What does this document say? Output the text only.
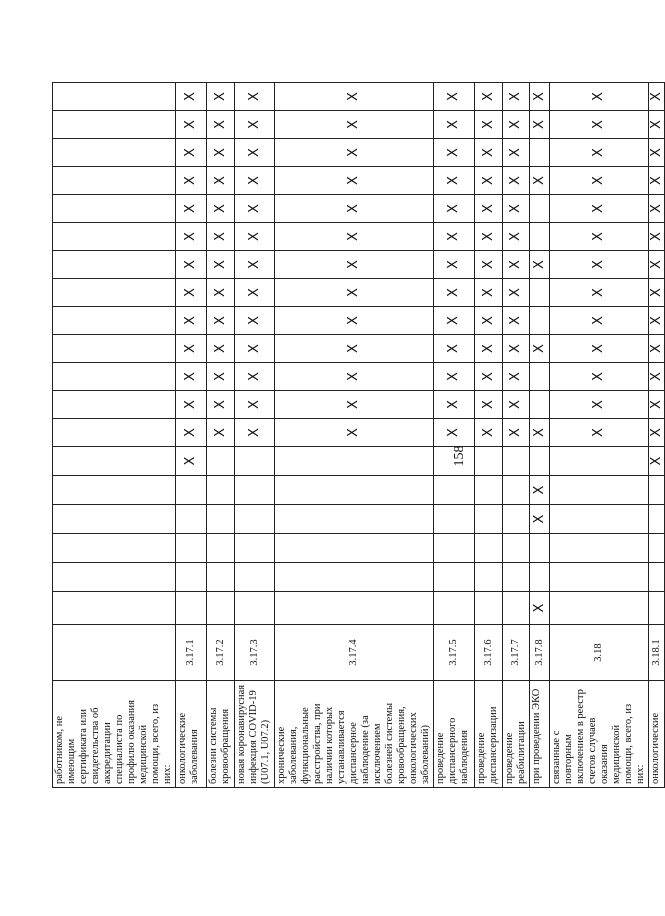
158
работником, не имеющим сертификата или свидетельства об аккредитации специалиста по профилю оказания медицинской помощи, всего, из них:																				
онкологические заболевания	3.17.1						X	X	X	X	X	X	X	X	X	X	X	X	X	X
болезни системы кровообращения	3.17.2							X	X	X	X	X	X	X	X	X	X	X	X	X
новая коронавирусная инфекция COVID-19 (U07.1, U07.2)	3.17.3							X	X	X	X	X	X	X	X	X	X	X	X	X
хронические заболевания, функциональные расстройства, при наличии которых устанавливается диспансерное наблюдение (за исключением болезней системы кровообращения, онкологических заболеваний)	3.17.4							X	X	X	X	X	X	X	X	X	X	X	X	X
проведение диспансерного наблюдения	3.17.5							X	X	X	X	X	X	X	X	X	X	X	X	X
проведение диспансеризации	3.17.6							X	X	X	X	X	X	X	X	X	X	X	X	X
проведение реабилитации	3.17.7							X	X	X	X	X	X	X	X	X	X	X	X	X
при проведении ЭКО	3.17.8	X			X	X		X			X			X			X		X	X
связанные с повторным включением в реестр счетов случаев оказания медицинской помощи, всего, из них:	3.18							X	X	X	X	X	X	X	X	X	X	X	X	X
онкологические	3.18.1						X	X	X	X	X	X	X	X	X	X	X	X	X	X
